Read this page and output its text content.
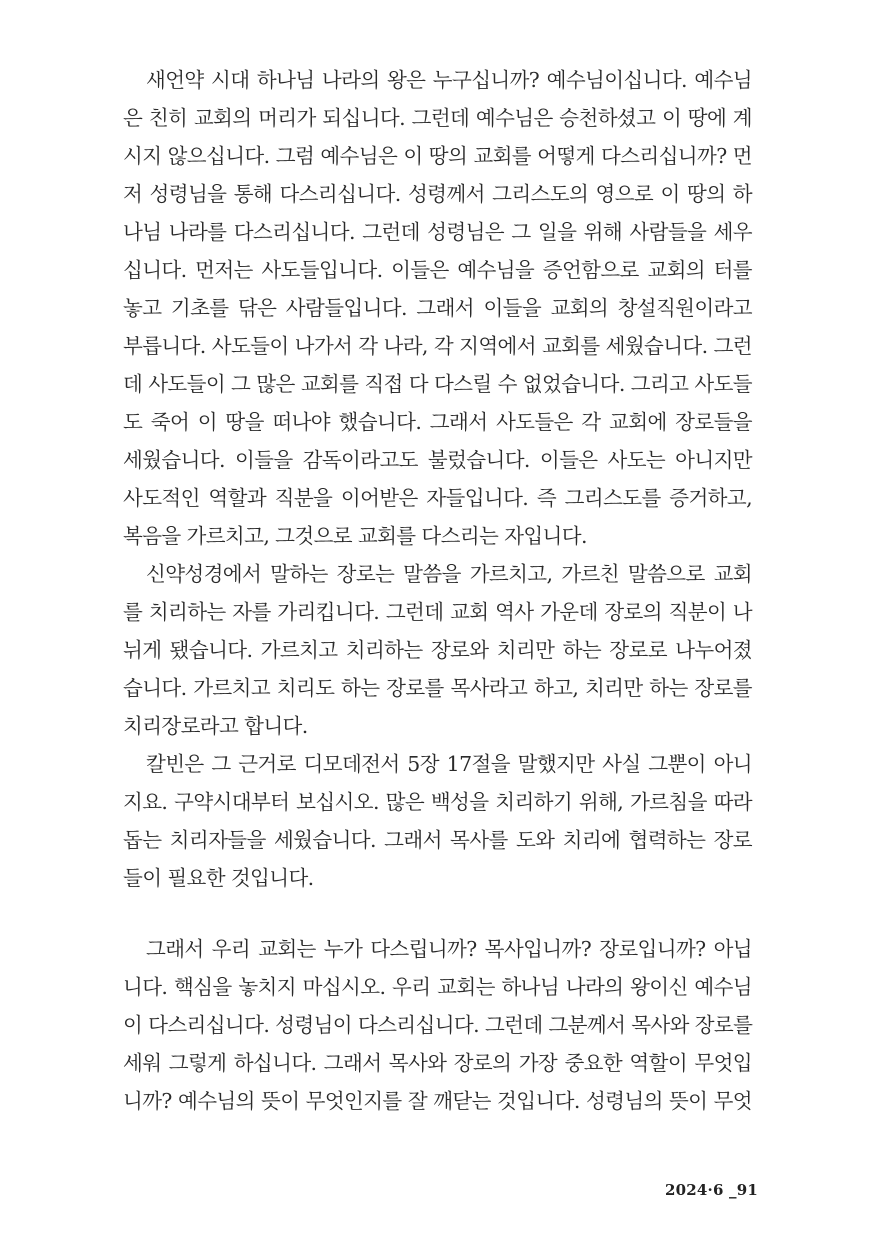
새언약 시대 하나님 나라의 왕은 누구십니까? 예수님이십니다. 예수님
은 친히 교회의 머리가 되십니다. 그런데 예수님은 승천하셨고 이 땅에 계
시지 않으십니다. 그럼 예수님은 이 땅의 교회를 어떻게 다스리십니까? 먼
저 성령님을 통해 다스리십니다. 성령께서 그리스도의 영으로 이 땅의 하
나님 나라를 다스리십니다. 그런데 성령님은 그 일을 위해 사람들을 세우
십니다. 먼저는 사도들입니다. 이들은 예수님을 증언함으로 교회의 터를
놓고 기초를 닦은 사람들입니다. 그래서 이들을 교회의 창설직원이라고
부릅니다. 사도들이 나가서 각 나라, 각 지역에서 교회를 세웠습니다. 그런
데 사도들이 그 많은 교회를 직접 다 다스릴 수 없었습니다. 그리고 사도들
도 죽어 이 땅을 떠나야 했습니다. 그래서 사도들은 각 교회에 장로들을
세웠습니다. 이들을 감독이라고도 불렀습니다. 이들은 사도는 아니지만
사도적인 역할과 직분을 이어받은 자들입니다. 즉 그리스도를 증거하고,
복음을 가르치고, 그것으로 교회를 다스리는 자입니다.
신약성경에서 말하는 장로는 말씀을 가르치고, 가르친 말씀으로 교회
를 치리하는 자를 가리킵니다. 그런데 교회 역사 가운데 장로의 직분이 나
뉘게 됐습니다. 가르치고 치리하는 장로와 치리만 하는 장로로 나누어졌
습니다. 가르치고 치리도 하는 장로를 목사라고 하고, 치리만 하는 장로를
치리장로라고 합니다.
칼빈은 그 근거로 디모데전서 5장 17절을 말했지만 사실 그뿐이 아니
지요. 구약시대부터 보십시오. 많은 백성을 치리하기 위해, 가르침을 따라
돕는 치리자들을 세웠습니다. 그래서 목사를 도와 치리에 협력하는 장로
들이 필요한 것입니다.
그래서 우리 교회는 누가 다스립니까? 목사입니까? 장로입니까? 아닙
니다. 핵심을 놓치지 마십시오. 우리 교회는 하나님 나라의 왕이신 예수님
이 다스리십니다. 성령님이 다스리십니다. 그런데 그분께서 목사와 장로를
세워 그렇게 하십니다. 그래서 목사와 장로의 가장 중요한 역할이 무엇입
니까? 예수님의 뜻이 무엇인지를 잘 깨닫는 것입니다. 성령님의 뜻이 무엇
2024·6 _91
